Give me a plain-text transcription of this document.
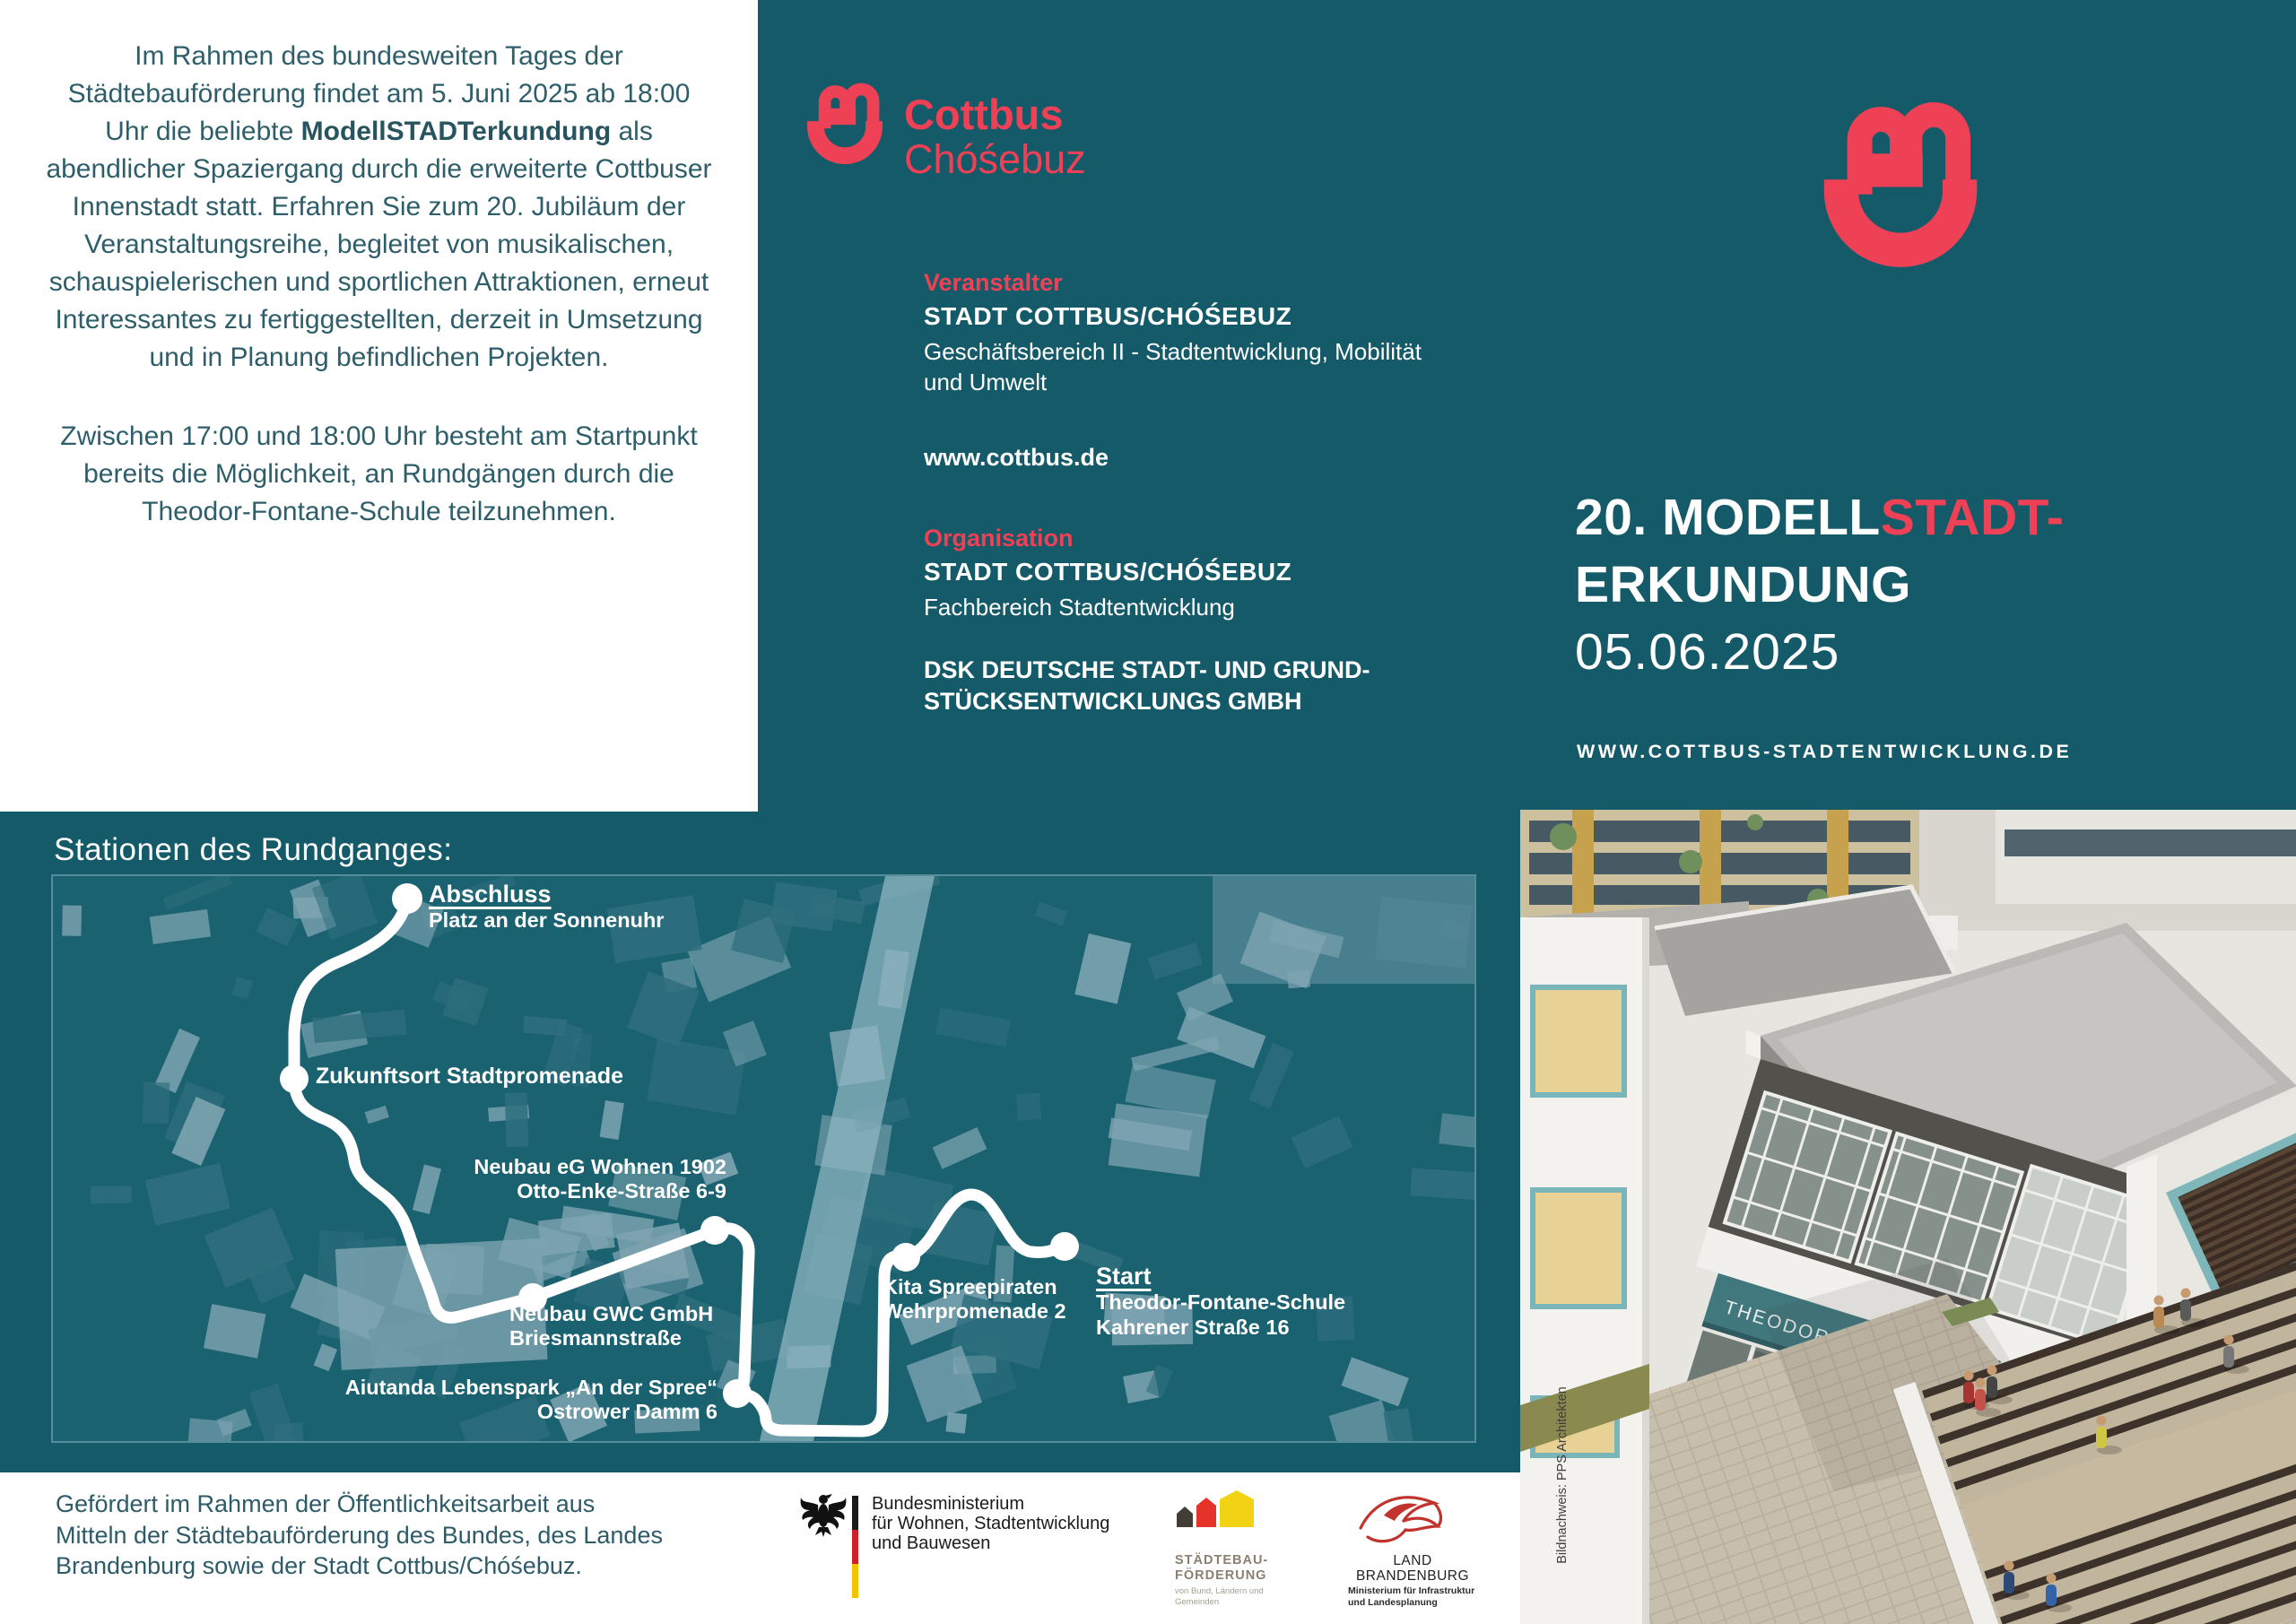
Im Rahmen des bundesweiten Tages der Städtebauförderung findet am 5. Juni 2025 ab 18:00 Uhr die beliebte ModellSTADTerkundung als abendlicher Spaziergang durch die erweiterte Cottbuser Innenstadt statt. Erfahren Sie zum 20. Jubiläum der Veranstaltungsreihe, begleitet von musikalischen, schauspielerischen und sportlichen Attraktionen, erneut Interessantes zu fertiggestellten, derzeit in Umsetzung und in Planung befindlichen Projekten.

Zwischen 17:00 und 18:00 Uhr besteht am Startpunkt bereits die Möglichkeit, an Rundgängen durch die Theodor-Fontane-Schule teilzunehmen.

Cottbus
Chóśebuz

Veranstalter

STADT COTTBUS/CHÓŚEBUZ

Geschäftsbereich II - Stadtentwicklung, Mobilität

und Umwelt

www.cottbus.de

Organisation

STADT COTTBUS/CHÓŚEBUZ

Fachbereich Stadtentwicklung

DSK DEUTSCHE STADT- UND GRUND-

STÜCKSENTWICKLUNGS GMBH

20. MODELLSTADT-
ERKUNDUNG
05.06.2025
WWW.COTTBUS-STADTENTWICKLUNG.DE
Stationen des Rundganges:
Abschluss
Platz an der Sonnenuhr
Zukunftsort Stadtpromenade
Neubau eG Wohnen 1902
Otto-Enke-Straße 6-9
Neubau GWC GmbH
Briesmannstraße
Aiutanda Lebenspark „An der Spree“
Ostrower Damm 6
Kita Spreepiraten
Wehrpromenade 2
Start
Theodor-Fontane-Schule
Kahrener Straße 16
Gefördert im Rahmen der Öffentlichkeitsarbeit aus
Mitteln der Städtebauförderung des Bundes, des Landes
Brandenburg sowie der Stadt Cottbus/Chóśebuz.
Bundesministerium
für Wohnen, Stadtentwicklung
und Bauwesen
STÄDTEBAU-
FÖRDERUNG
von Bund, Ländern und
Gemeinden
LAND
BRANDENBURG
Ministerium für Infrastruktur
und Landesplanung
Bildnachweis: PPS Architekten
